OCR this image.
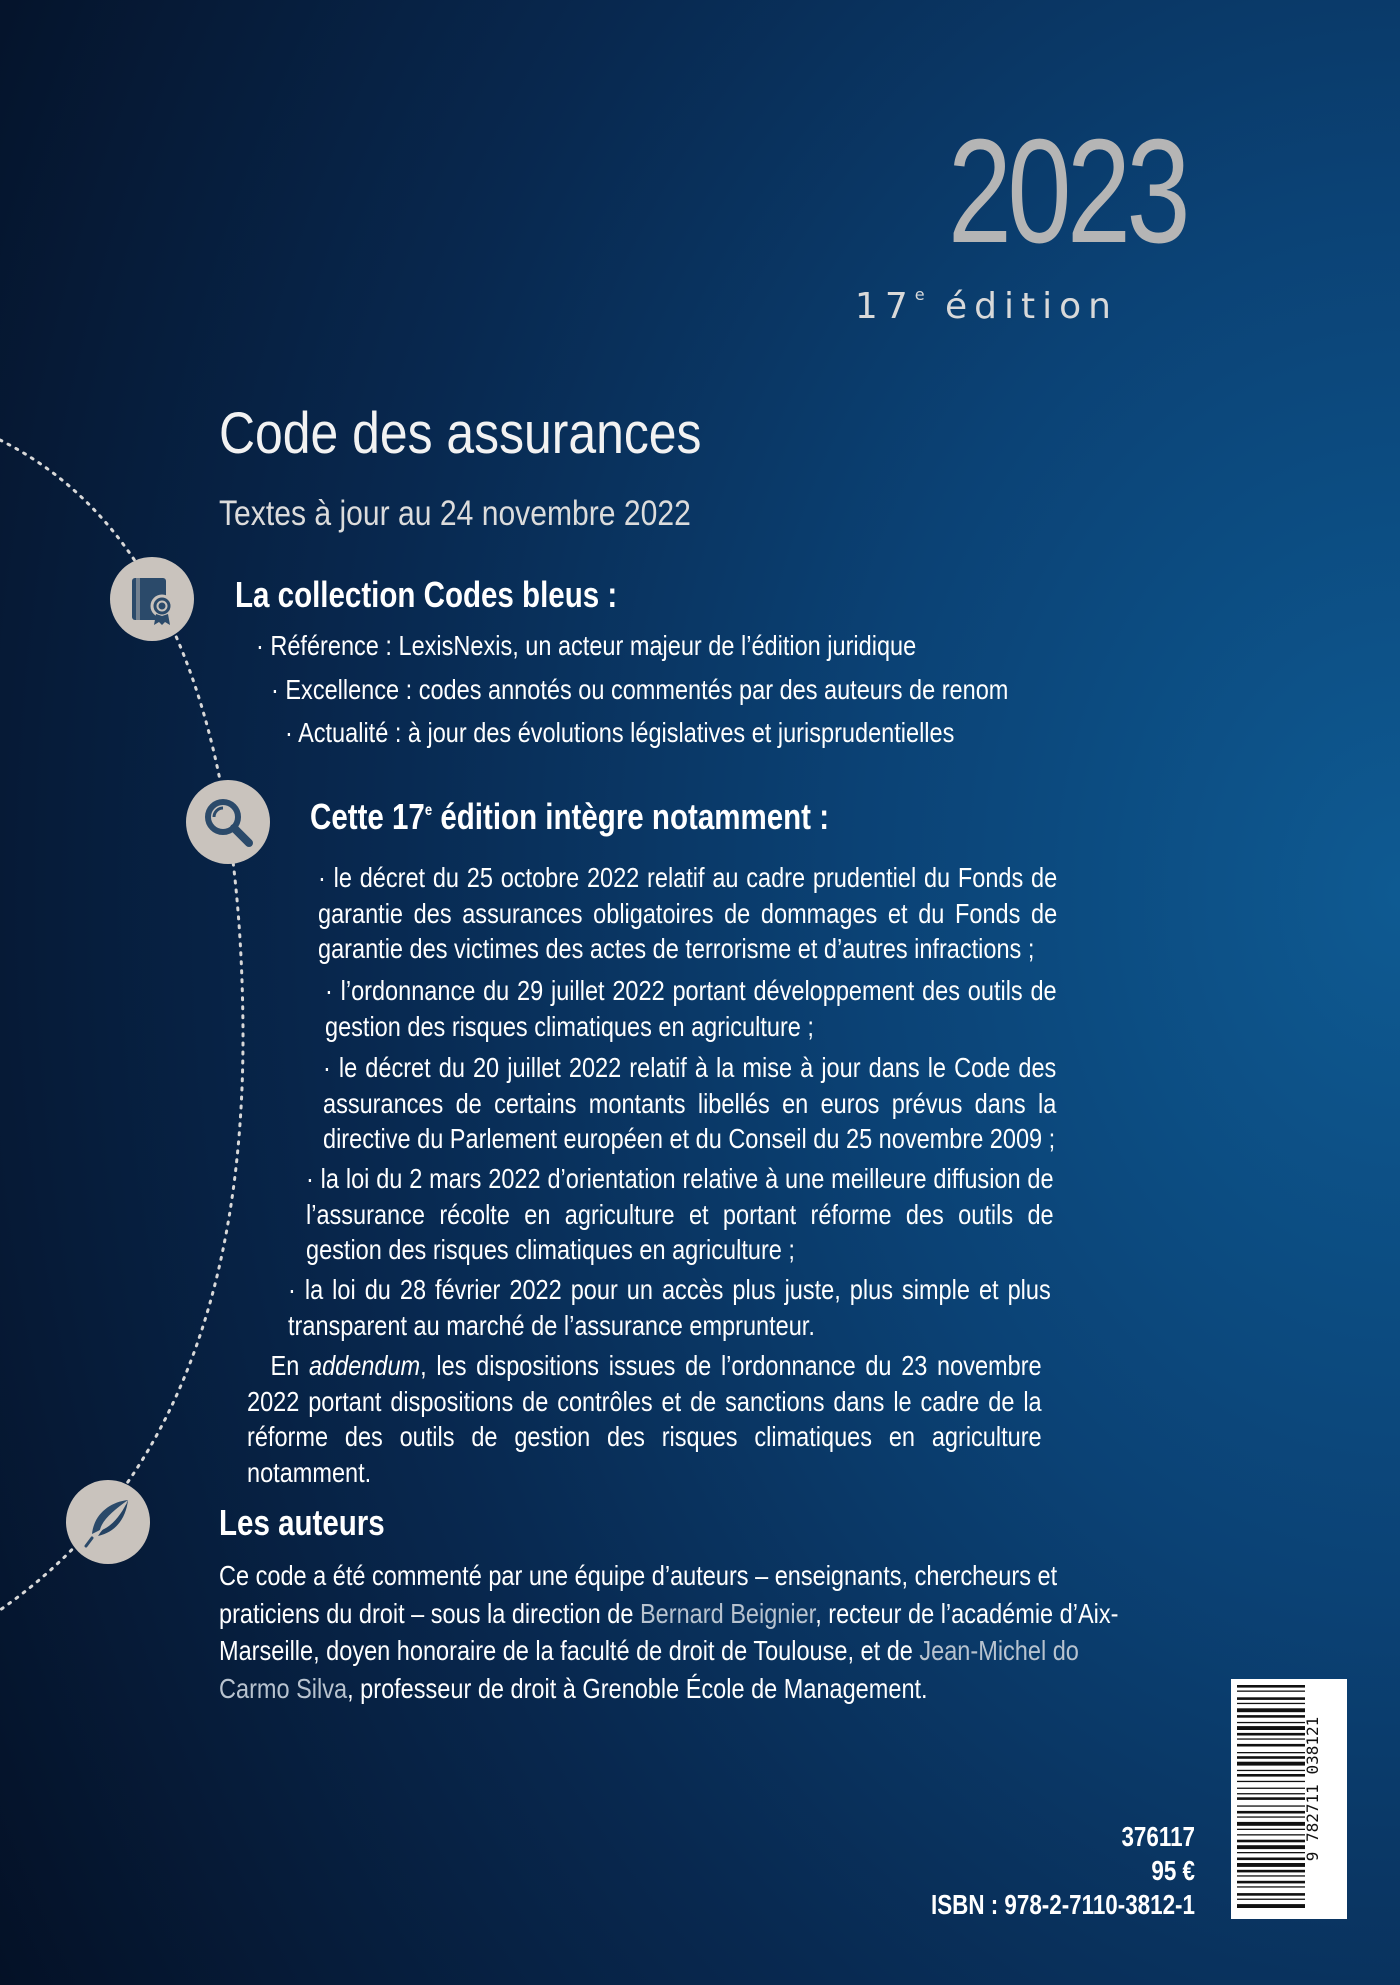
2023
17e édition
Code des assurances
Textes à jour au 24 novembre 2022
La collection Codes bleus :
· Référence : LexisNexis, un acteur majeur de l’édition juridique
· Excellence : codes annotés ou commentés par des auteurs de renom
· Actualité : à jour des évolutions législatives et jurisprudentielles
Cette 17e édition intègre notamment :

· le décret du 25 octobre 2022 relatif au cadre prudentiel du Fonds de garantie des assurances obligatoires de dommages et du Fonds de garantie des victimes des actes de terrorisme et d’autres infractions ;

· l’ordonnance du 29 juillet 2022 portant développement des outils de gestion des risques climatiques en agriculture ;

· le décret du 20 juillet 2022 relatif à la mise à jour dans le Code des assurances de certains montants libellés en euros prévus dans la directive du Parlement européen et du Conseil du 25 novembre 2009 ;

· la loi du 2 mars 2022 d’orientation relative à une meilleure diffusion de l’assurance récolte en agriculture et portant réforme des outils de gestion des risques climatiques en agriculture ;

· la loi du 28 février 2022 pour un accès plus juste, plus simple et plus transparent au marché de l’assurance emprunteur.

En addendum, les dispositions issues de l’ordonnance du 23 novembre 2022 portant dispositions de contrôles et de sanctions dans le cadre de la réforme des outils de gestion des risques climatiques en agriculture notamment.

Les auteurs
Ce code a été commenté par une équipe d’auteurs – enseignants, chercheurs et praticiens du droit – sous la direction de Bernard Beignier, recteur de l’académie d’Aix-Marseille, doyen honoraire de la faculté de droit de Toulouse, et de Jean-Michel do Carmo Silva, professeur de droit à Grenoble École de Management.
376117
95 €
ISBN : 978-2-7110-3812-1
9 782711 038121
